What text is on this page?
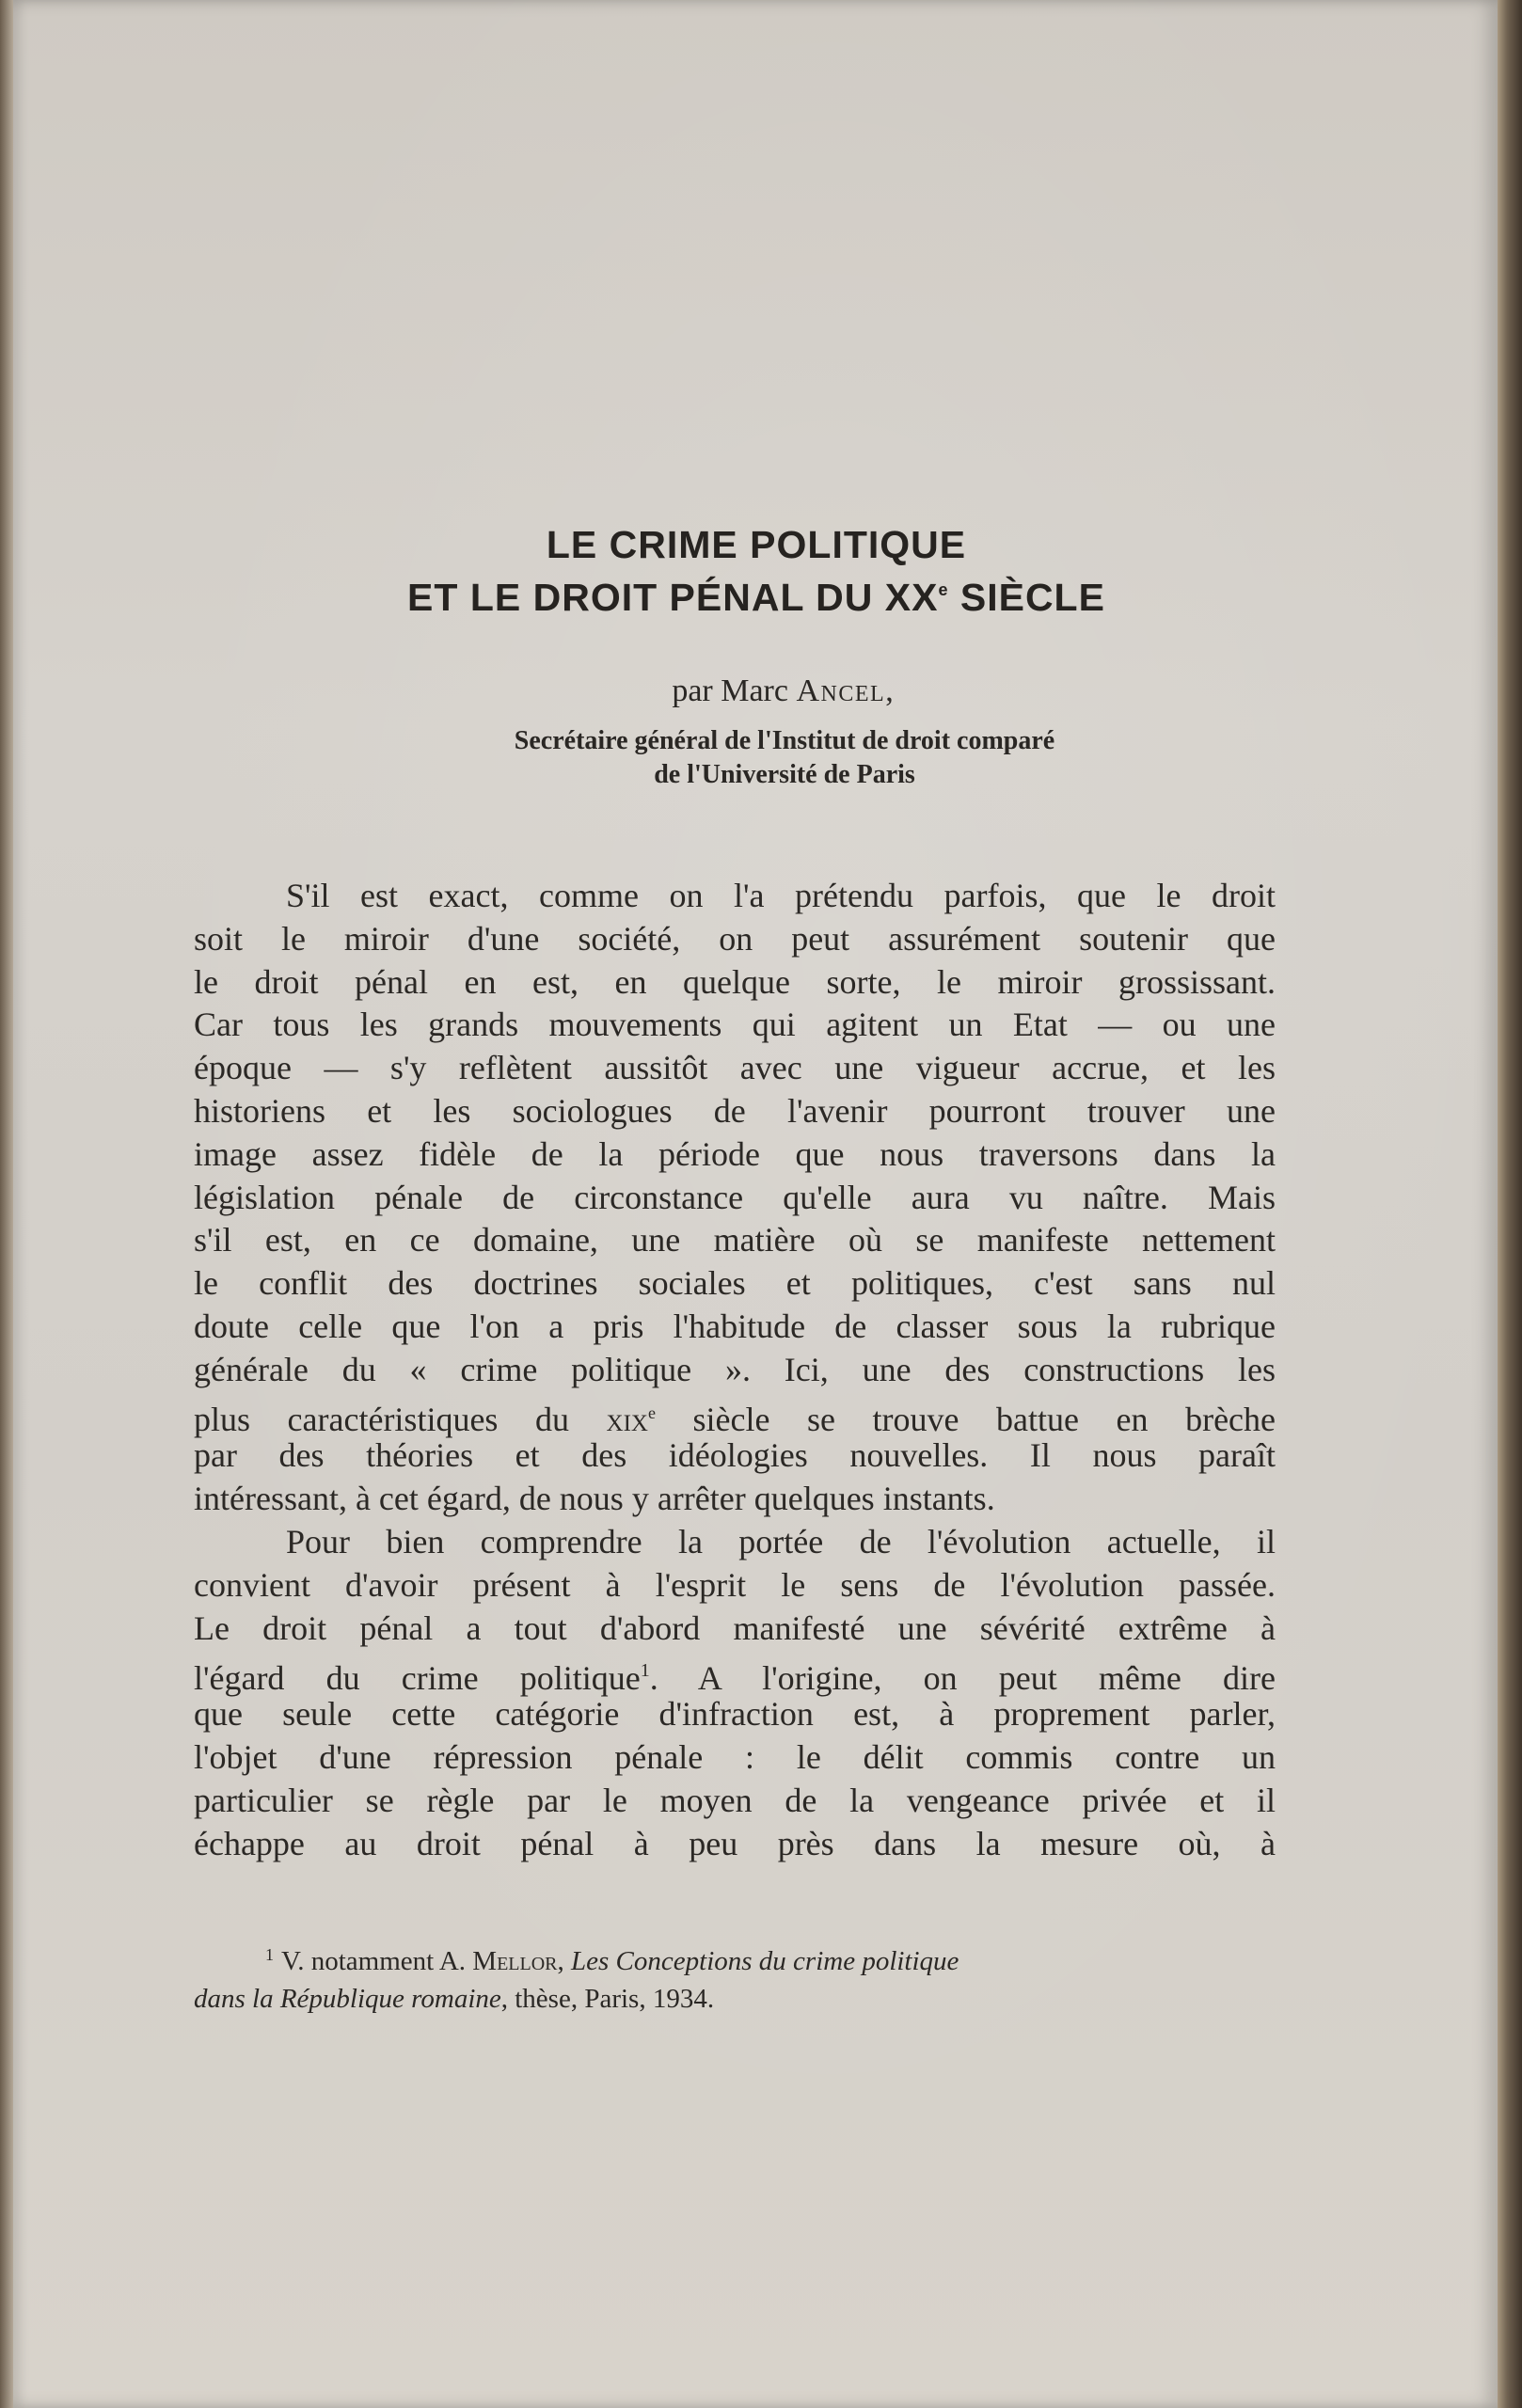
LE CRIME POLITIQUE
ET LE DROIT PÉNAL DU XXe SIÈCLE
par Marc Ancel,
Secrétaire général de l'Institut de droit comparé
de l'Université de Paris
S'il est exact, comme on l'a prétendu parfois, que le droit
soit le miroir d'une société, on peut assurément soutenir que
le droit pénal en est, en quelque sorte, le miroir grossissant.
Car tous les grands mouvements qui agitent un Etat — ou une
époque — s'y reflètent aussitôt avec une vigueur accrue, et les
historiens et les sociologues de l'avenir pourront trouver une
image assez fidèle de la période que nous traversons dans la
législation pénale de circonstance qu'elle aura vu naître. Mais
s'il est, en ce domaine, une matière où se manifeste nettement
le conflit des doctrines sociales et politiques, c'est sans nul
doute celle que l'on a pris l'habitude de classer sous la rubrique
générale du « crime politique ». Ici, une des constructions les
plus caractéristiques du xix$^e$ siècle se trouve battue en brèche
par des théories et des idéologies nouvelles. Il nous paraît
intéressant, à cet égard, de nous y arrêter quelques instants.
Pour bien comprendre la portée de l'évolution actuelle, il
convient d'avoir présent à l'esprit le sens de l'évolution passée.
Le droit pénal a tout d'abord manifesté une sévérité extrême à
l'égard du crime politique$^1$. A l'origine, on peut même dire
que seule cette catégorie d'infraction est, à proprement parler,
l'objet d'une répression pénale : le délit commis contre un
particulier se règle par le moyen de la vengeance privée et il
échappe au droit pénal à peu près dans la mesure où, à
$^1$ V. notamment A. Mellor, Les Conceptions du crime politique
dans la République romaine, thèse, Paris, 1934.
